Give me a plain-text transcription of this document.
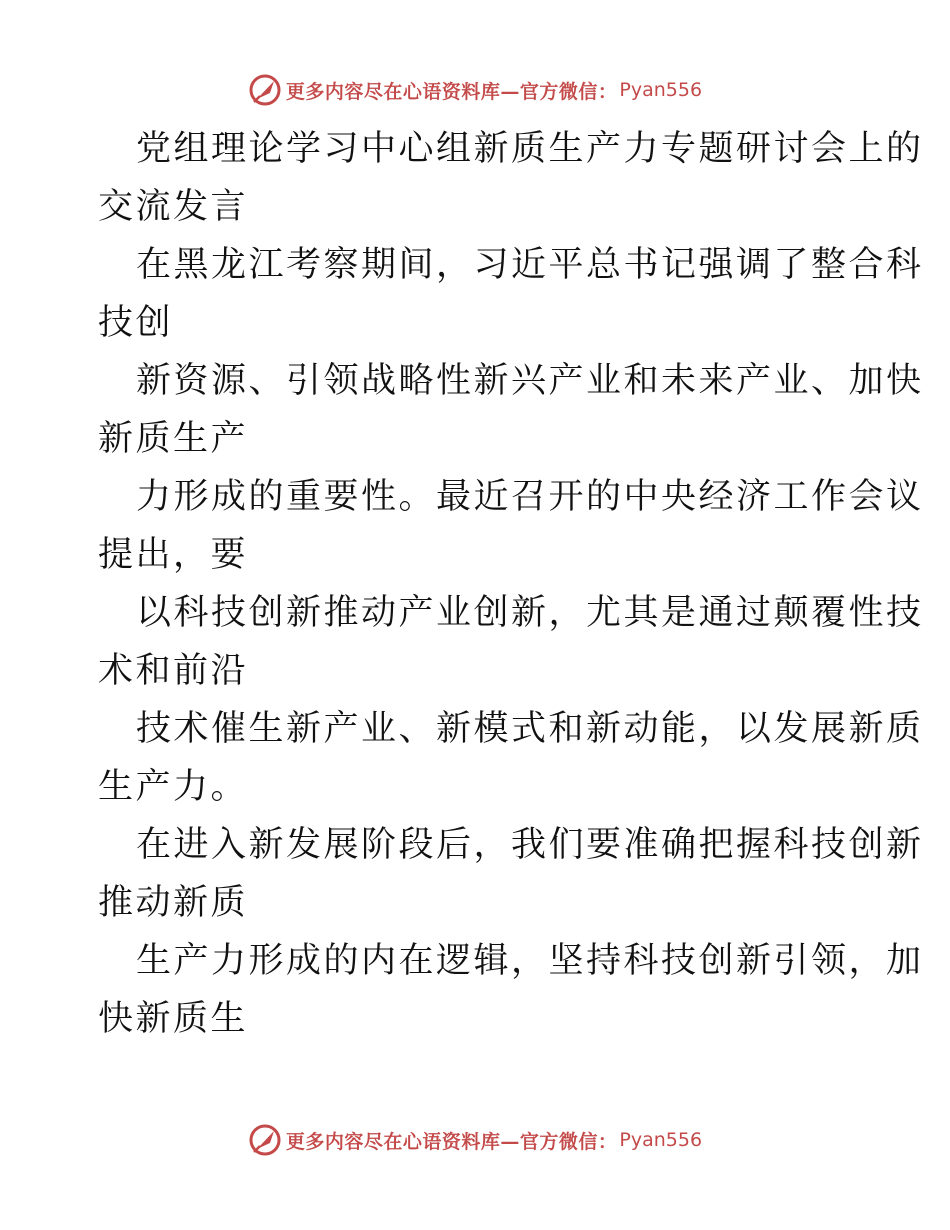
更多内容尽在心语资料库—官方微信： Pyan556

党组理论学习中心组新质生产力专题研讨会上的
交流发言

在黑龙江考察期间，习近平总书记强调了整合科
技创

新资源、引领战略性新兴产业和未来产业、加快
新质生产

力形成的重要性。最近召开的中央经济工作会议
提出，要

以科技创新推动产业创新，尤其是通过颠覆性技
术和前沿

技术催生新产业、新模式和新动能，以发展新质
生产力。

在进入新发展阶段后，我们要准确把握科技创新
推动新质

生产力形成的内在逻辑，坚持科技创新引领，加
快新质生

更多内容尽在心语资料库—官方微信： Pyan556
